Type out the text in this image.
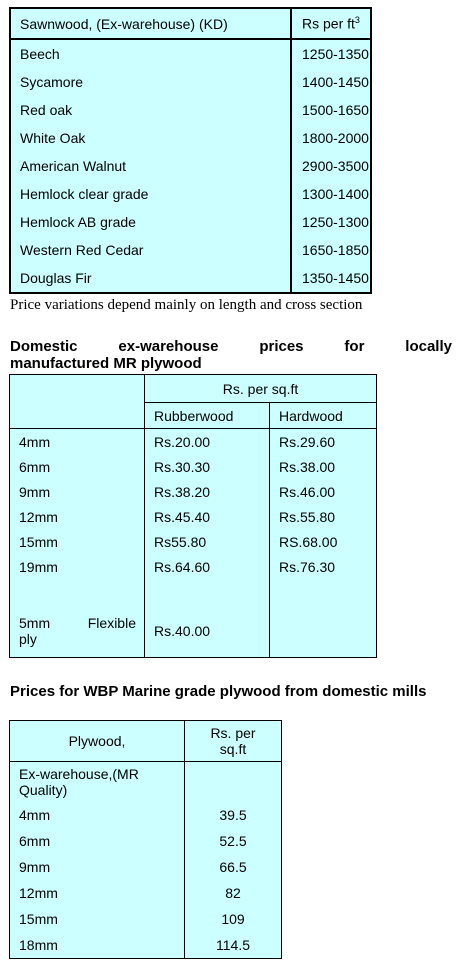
Sawnwood, (Ex-warehouse) (KD)	Rs per $ft^3$
Beech	1250-1350
Sycamore	1400-1450
Red oak	1500-1650
White Oak	1800-2000
American Walnut	2900-3500
Hemlock clear grade	1300-1400
Hemlock AB grade	1250-1300
Western Red Cedar	1650-1850
Douglas Fir	1350-1450
Price variations depend mainly on length and cross section
Domestic	ex-warehouse	prices	for	locally
manufactured MR plywood
	Rs. per sq.ft	
	Rubberwood	Hardwood
4mm	Rs.20.00	Rs.29.60
6mm	Rs.30.30	Rs.38.00
9mm	Rs.38.20	Rs.46.00
12mm	Rs.45.40	Rs.55.80
15mm	Rs55.80	RS.68.00
19mm	Rs.64.60	Rs.76.30

5mm Flexible
ply	Rs.40.00	
Prices for WBP Marine grade plywood from domestic mills
Plywood,	Rs. per
sq.ft

Ex-warehouse,(MR
Quality)	

4mm	39.5
6mm	52.5
9mm	66.5
12mm	82
15mm	109
18mm	114.5
